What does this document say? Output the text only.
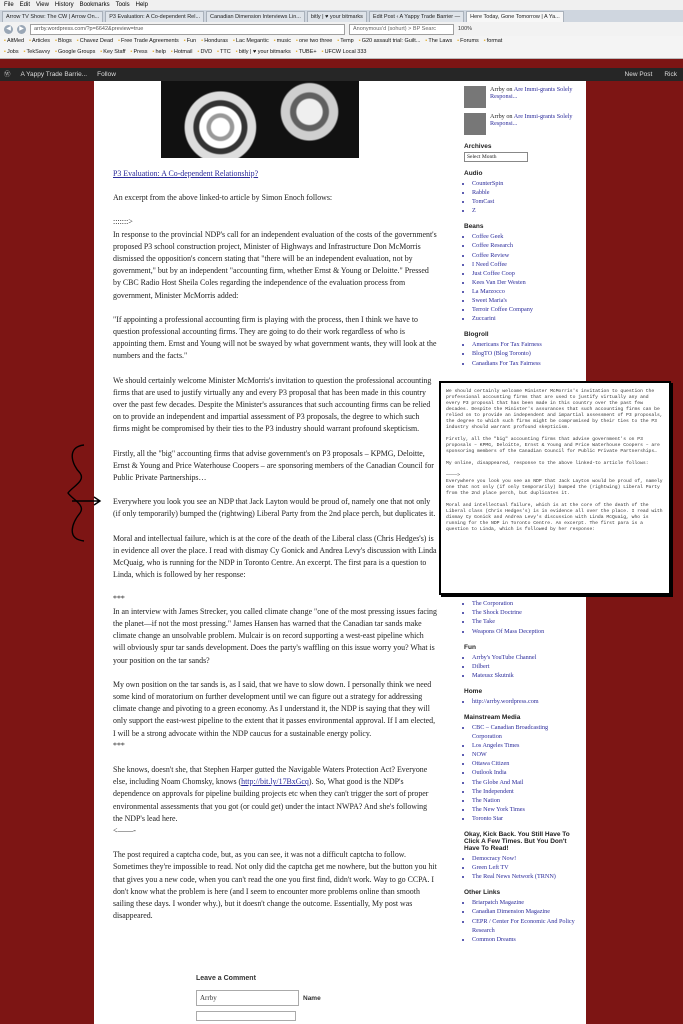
File Edit View History Bookmarks Tools Help
Arrow TV Show: The CW | Arrow On...	P3 Evaluation: A Co-dependent Rel...	Canadian Dimension Interviews Lin...	bitly | ♥ your bitmarks	Edit Post ‹ A Yappy Trade Barrier —	Here Today, Gone Tomorrow | A Ya...
◀	▶	arrby.wordpress.com/?p=6642&preview=true	Anonymous'd (sohurt) > BP Searc	100%
▪ AltMed	▪ Articles	▪ Blogs	▪ Chavez Dead	▪ Free Trade Agreements	▪ Fun	▪ Honduras	▪ Lac Megantic	▪ music	▪ one two three	▪ Temp	▪ G20 assault trial: Guilt...	▪ The Laws	▪ Forums	▪ format
▪ Jobs	▪ TekSavvy	▪ Google Groups	▪ Key Staff	▪ Press	▪ help	▪ Hotmail	▪ DVD	▪ TTC	▪ bitly | ♥ your bitmarks	▪ TUBE+	▪ UFCW Local 333
Ⓦ A Yappy Trade Barrie... Follow	New Post Rick

P3 Evaluation: A Co-dependent Relationship?

An excerpt from the above linked-to article by Simon Enoch follows:

:::::::>

In response to the provincial NDP's call for an independent evaluation of the costs of the government's proposed P3 school construction project, Minister of Highways and Infrastructure Don McMorris dismissed the opposition's concern stating that "there will be an independent evaluation, not by government," but by an independent "accounting firm, whether Ernst & Young or Deloitte." Pressed by CBC Radio Host Sheila Coles regarding the independence of the evaluation process from government, Minister McMorris added:

"If appointing a professional accounting firm is playing with the process, then I think we have to question professional accounting firms. They are going to do their work regardless of who is appointing them. Ernst and Young will not be swayed by what government wants, they will look at the numbers and the facts."

We should certainly welcome Minister McMorris's invitation to question the professional accounting firms that are used to justify virtually any and every P3 proposal that has been made in this country over the past few decades. Despite the Minister's assurances that such accounting firms can be relied on to provide an independent and impartial assessment of P3 proposals, the degree to which such firms might be compromised by their ties to the P3 industry should warrant profound skepticism.

Firstly, all the "big" accounting firms that advise government's on P3 proposals – KPMG, Deloitte, Ernst & Young and Price Waterhouse Coopers – are sponsoring members of the Canadian Council for Public Private Partnerships…

Everywhere you look you see an NDP that Jack Layton would be proud of, namely one that not only (if only temporarily) bumped the (rightwing) Liberal Party from the 2nd place perch, but duplicates it.

Moral and intellectual failure, which is at the core of the death of the Liberal class (Chris Hedges's) is in evidence all over the place. I read with dismay Cy Gonick and Andrea Levy's discussion with Linda McQuaig, who is running for the NDP in Toronto Centre. An excerpt. The first para is a question to Linda, which is followed by her response:

***

In an interview with James Strecker, you called climate change "one of the most pressing issues facing the planet—if not the most pressing." James Hansen has warned that the Canadian tar sands make climate change an unsolvable problem. Mulcair is on record supporting a west-east pipeline which will obviously spur tar sands development. Does the party's waffling on this issue worry you? What is your position on the tar sands?

My own position on the tar sands is, as I said, that we have to slow down. I personally think we need some kind of moratorium on further development until we can figure out a strategy for addressing climate change and pivoting to a green economy. As I understand it, the NDP is saying that they will only support the east-west pipeline to the extent that it passes environmental approval. If I am elected, I will be a strong advocate within the NDP caucus for a sustainable energy policy.

***

She knows, doesn't she, that Stephen Harper gutted the Navigable Waters Protection Act? Everyone else, including Noam Chomsky, knows (http://bit.ly/17BxGcq). So, What good is the NDP's dependence on approvals for pipeline building projects etc when they can't trigger the sort of proper environmental assessments that you got (or could get) under the intact NWPA? And she's following the NDP's lead here.

<——-

The post required a captcha code, but, as you can see, it was not a difficult captcha to follow. Sometimes they're impossible to read. Not only did the captcha get me nowhere, but the button you hit that gives you a new code, when you can't read the one you first find, didn't work. Way to go CCPA. I don't know what the problem is here (and I seem to encounter more problems online than smooth sailing these days. I wonder why.), but it doesn't change the outcome. Essentially, My post was disappeared.

Leave a Comment
Arrby	Name
Arrby on Are Immi-grants Solely Responsi...
Arrby on Are Immi-grants Solely Responsi...
Archives
Select Month
Audio
• CounterSpin
• Rabble
• TomCast
• Z
Beans
• Coffee Geek
• Coffee Research
• Coffee Review
• I Need Coffee
• Just Coffee Coop
• Kees Van Der Westen
• La Marzocco
• Sweet Maria's
• Terroir Coffee Company
• Zuccarini
Blogroll
• Americans For Tax Fairness
• BlogTO (Blog Toronto)
• Canadians For Tax Fairness
•
•
•
•
•
•
• The Corporation
• The Shock Doctrine
• The Take
• Weapons Of Mass Deception
Fun
• Arrby's YouTube Channel
• Dilbert
• Mateusz Skutnik
Home
• http://arrby.wordpress.com
Mainstream Media
• CBC – Canadian Broadcasting Corporation
• Los Angeles Times
• NOW
• Ottawa Citizen
• Outlook India
• The Globe And Mail
• The Independent
• The Nation
• The New York Times
• Toronto Star
Okay, Kick Back. You Still Have To Click A Few Times. But You Don't Have To Read!
• Democracy Now!
• Green Left TV
• The Real News Network (TRNN)
Other Links
• Briarpatch Magazine
• Canadian Dimension Magazine
• CEPR / Center For Economic And Policy Research
• Common Dreams

We should certainly welcome Minister McMorris's invitation to question the professional accounting firms that are used to justify virtually any and every P3 proposal that has been made in this country over the past few decades. Despite the Minister's assurances that such accounting firms can be relied on to provide an independent and impartial assessment of P3 proposals, the degree to which such firms might be compromised by their ties to the P3 industry should warrant profound skepticism.

Firstly, all the "big" accounting firms that advise government's on P3 proposals – KPMG, Deloitte, Ernst & Young and Price Waterhouse Coopers – are sponsoring members of the Canadian Council for Public Private Partnerships…

My online, disappeared, response to the above linked-to article follows:

————>

Everywhere you look you see an NDP that Jack Layton would be proud of, namely one that not only (if only temporarily) bumped the (rightwing) Liberal Party from the 2nd place perch, but duplicates it.

Moral and intellectual failure, which is at the core of the death of the Liberal class (Chris Hedges's) is in evidence all over the place. I read with dismay Cy Gonick and Andrea Levy's discussion with Linda McQuaig, who is running for the NDP in Toronto Centre. An excerpt. The first para is a question to Linda, which is followed by her response:
